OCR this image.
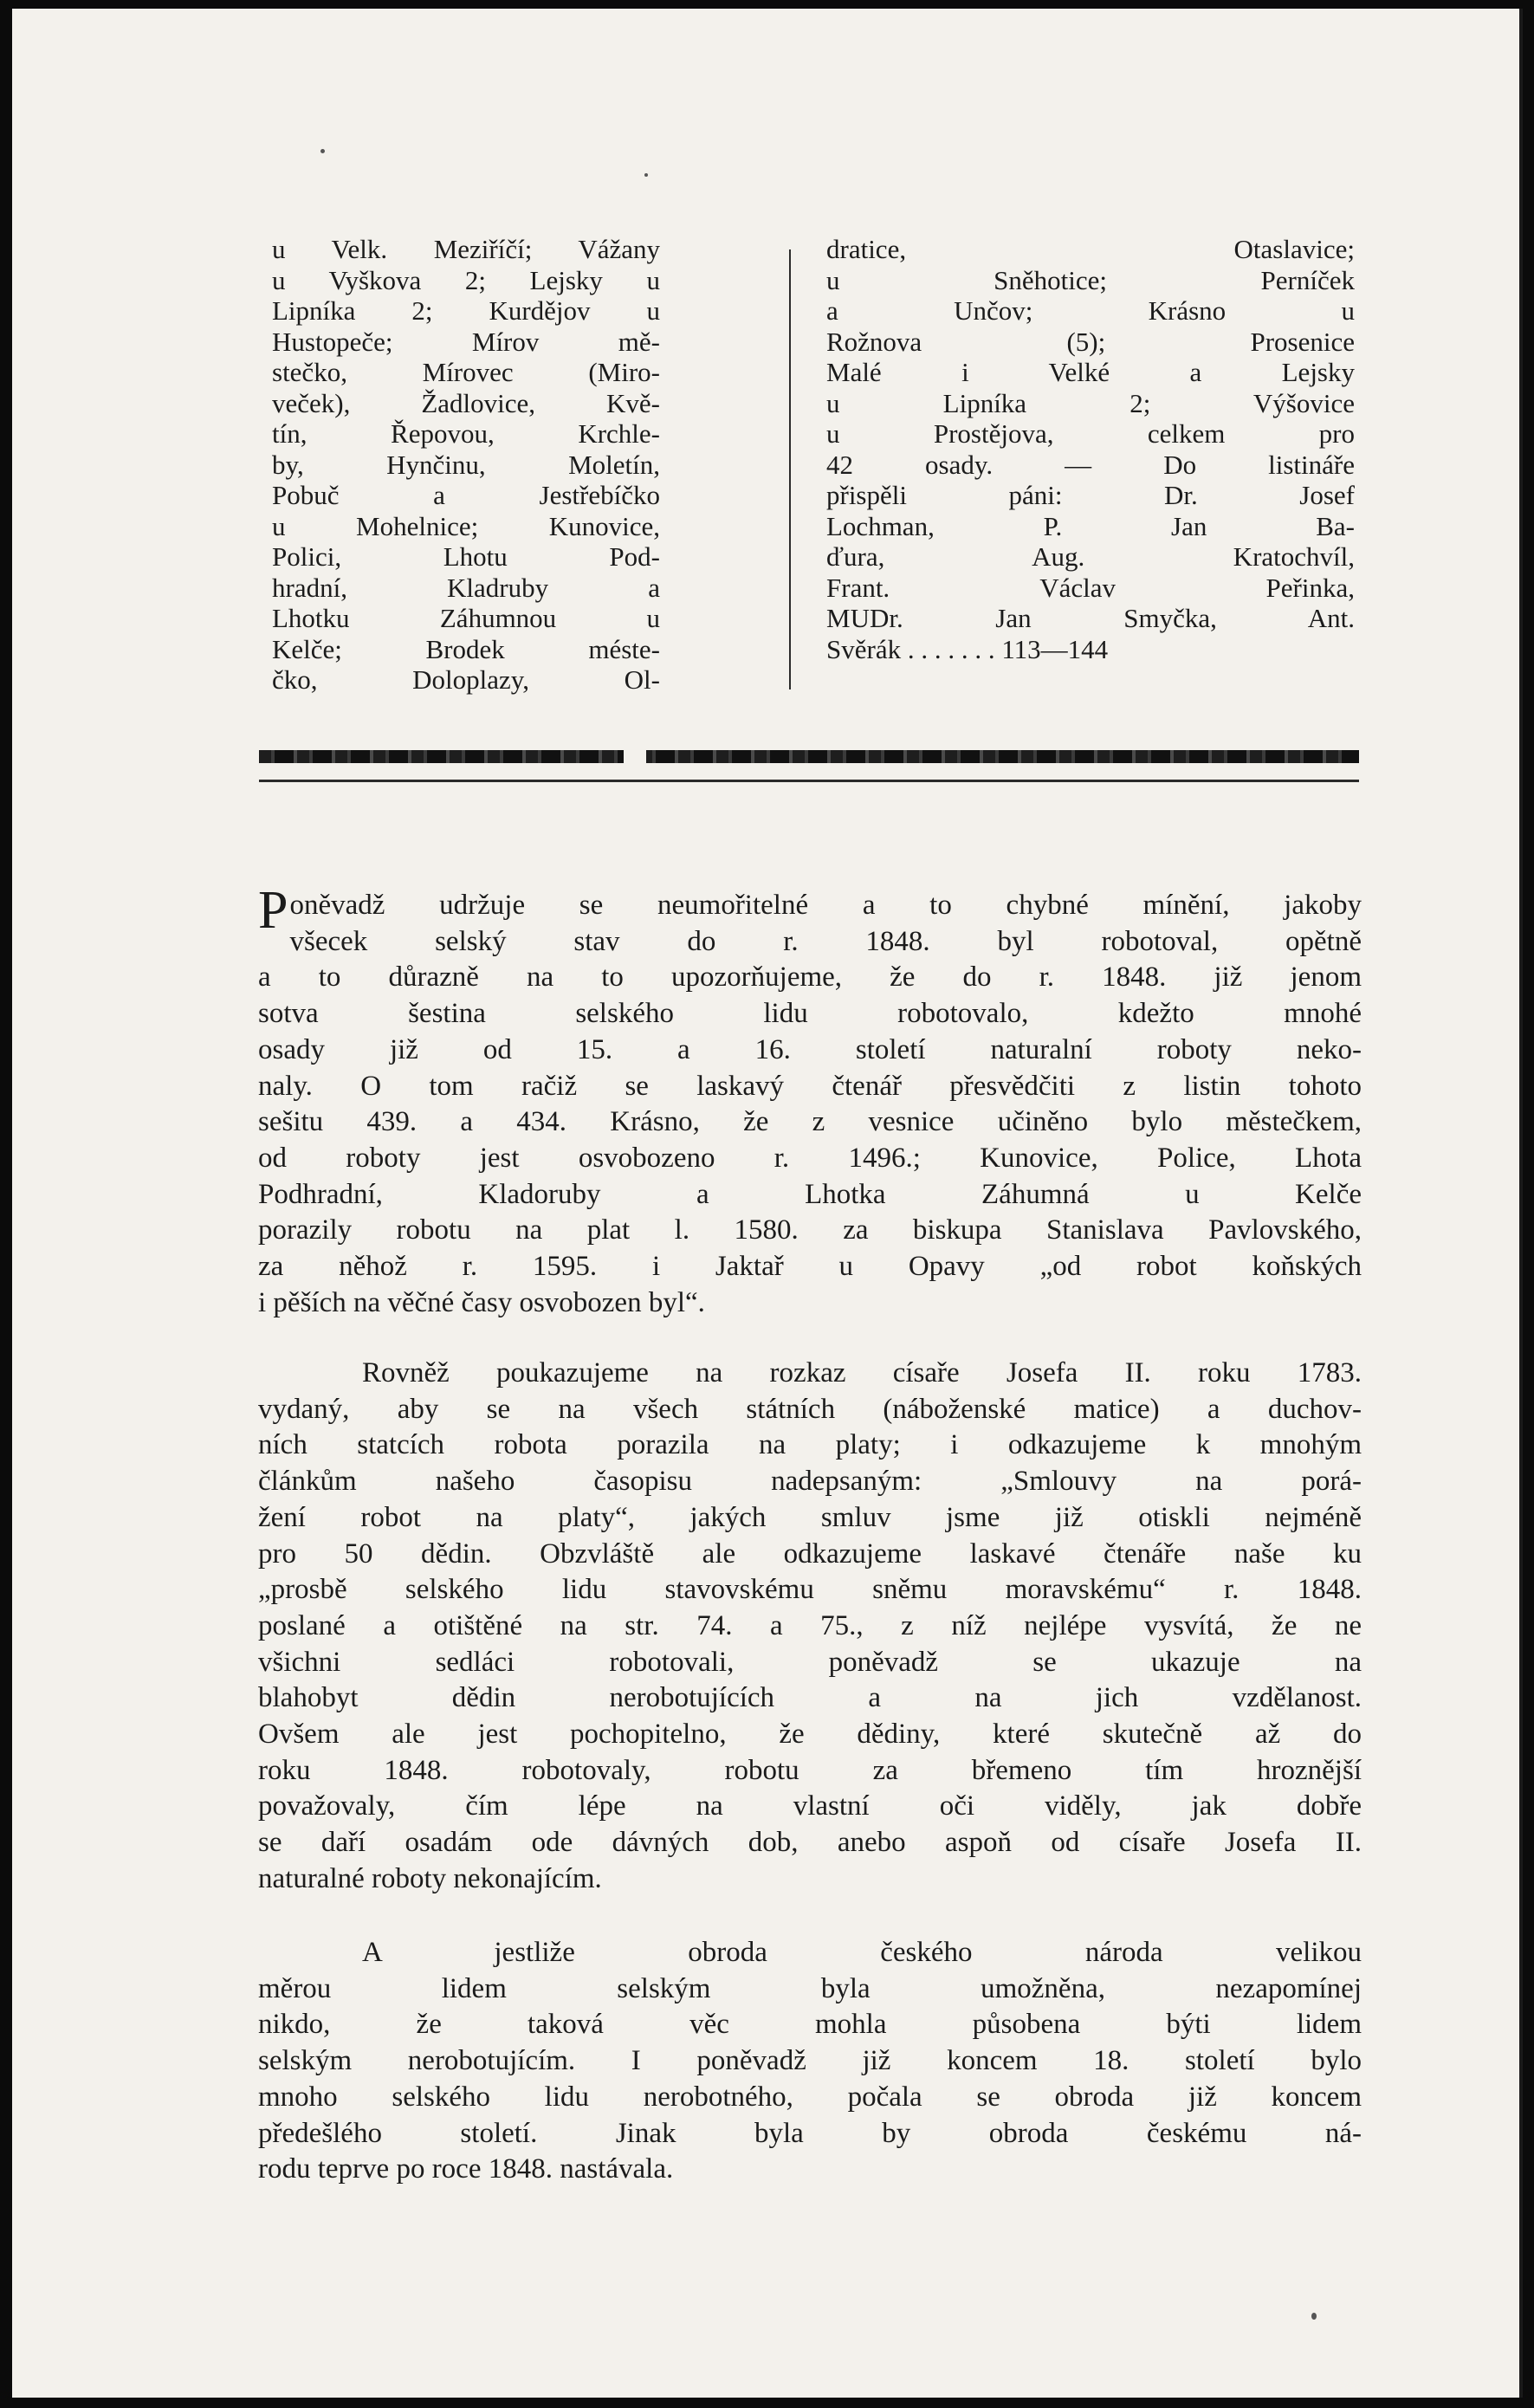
u Velk. Meziříčí; Vážany
u Vyškova 2; Lejsky u
Lipníka 2; Kurdějov u
Hustopeče; Mírov mě-
stečko, Mírovec (Miro-
veček), Žadlovice, Kvě-
tín, Řepovou, Krchle-
by, Hynčinu, Moletín,
Pobuč a Jestřebíčko
u Mohelnice; Kunovice,
Polici, Lhotu Pod-
hradní, Kladruby a
Lhotku Záhumnou u
Kelče; Brodek méste-
čko, Doloplazy, Ol-
dratice, Otaslavice;
u Sněhotice; Perníček
a Unčov; Krásno u
Rožnova (5); Prosenice
Malé i Velké a Lejsky
u Lipníka 2; Výšovice
u Prostějova, celkem pro
42 osady. — Do listináře
přispěli páni: Dr. Josef
Lochman, P. Jan Ba-
ďura, Aug. Kratochvíl,
Frant. Václav Peřinka,
MUDr. Jan Smyčka, Ant.
Svěrák . . . . . . . 113—144
P oněvadž udržuje se neumořitelné a to chybné mínění, jakoby
všecek selský stav do r. 1848. byl robotoval, opětně
a to důrazně na to upozorňujeme, že do r. 1848. již jenom
sotva šestina selského lidu robotovalo, kdežto mnohé
osady již od 15. a 16. století naturalní roboty neko-
naly. O tom račiž se laskavý čtenář přesvědčiti z listin tohoto
sešitu 439. a 434. Krásno, že z vesnice učiněno bylo městečkem,
od roboty jest osvobozeno r. 1496.; Kunovice, Police, Lhota
Podhradní, Kladoruby a Lhotka Záhumná u Kelče
porazily robotu na plat l. 1580. za biskupa Stanislava Pavlovského,
za něhož r. 1595. i Jaktař u Opavy „od robot koňských
i pěších na věčné časy osvobozen byl“.
Rovněž poukazujeme na rozkaz císaře Josefa II. roku 1783.
vydaný, aby se na všech státních (náboženské matice) a duchov-
ních statcích robota porazila na platy; i odkazujeme k mnohým
článkům našeho časopisu nadepsaným: „Smlouvy na porá-
žení robot na platy“, jakých smluv jsme již otiskli nejméně
pro 50 dědin. Obzvláště ale odkazujeme laskavé čtenáře naše ku
„prosbě selského lidu stavovskému sněmu moravskému“ r. 1848.
poslané a otištěné na str. 74. a 75., z níž nejlépe vysvítá, že ne
všichni sedláci robotovali, poněvadž se ukazuje na
blahobyt dědin nerobotujících a na jich vzdělanost.
Ovšem ale jest pochopitelno, že dědiny, které skutečně až do
roku 1848. robotovaly, robotu za břemeno tím hroznější
považovaly, čím lépe na vlastní oči viděly, jak dobře
se daří osadám ode dávných dob, anebo aspoň od císaře Josefa II.
naturalné roboty nekonajícím.
A jestliže obroda českého národa velikou
měrou lidem selským byla umožněna, nezapomínej
nikdo, že taková věc mohla působena býti lidem
selským nerobotujícím. I poněvadž již koncem 18. století bylo
mnoho selského lidu nerobotného, počala se obroda již koncem
předešlého století. Jinak byla by obroda českému ná-
rodu teprve po roce 1848. nastávala.
